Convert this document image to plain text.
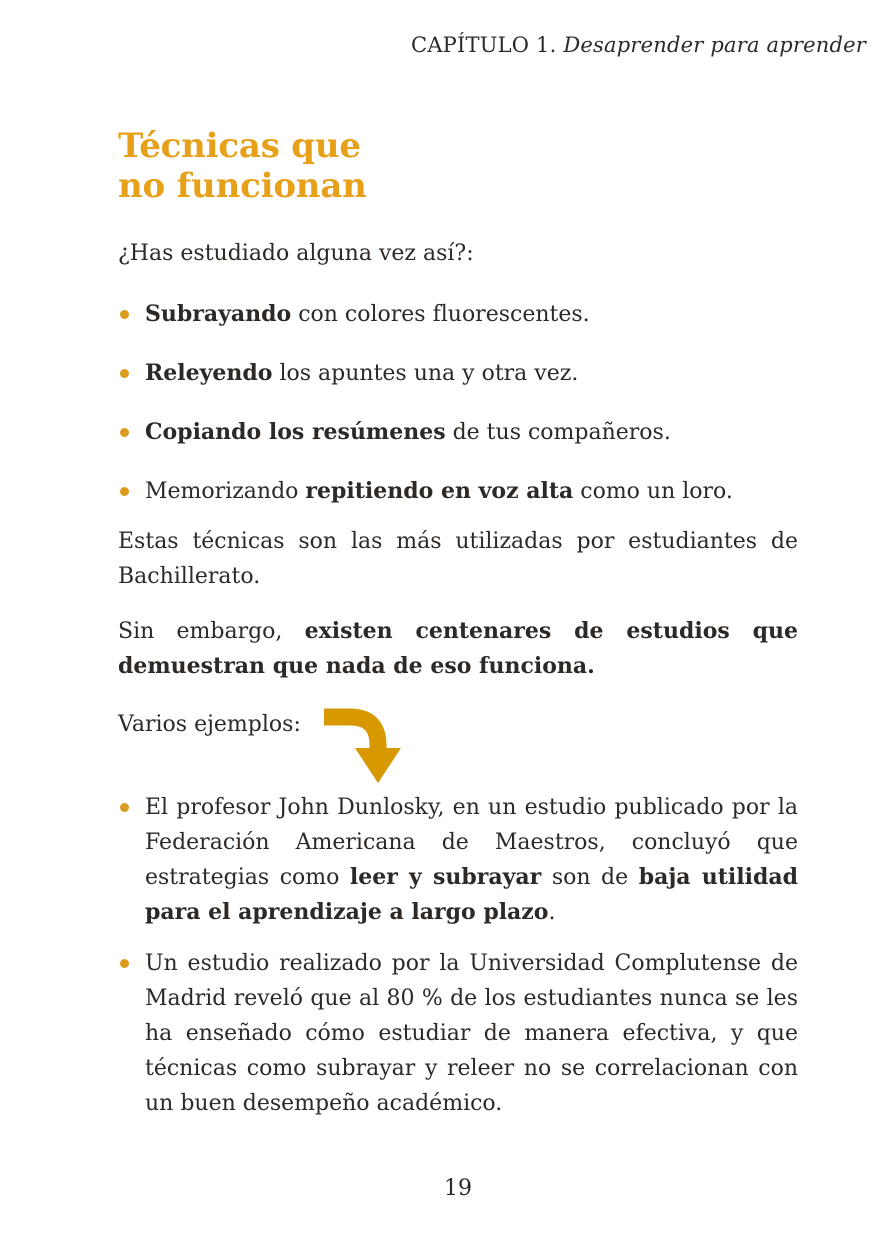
CAPÍTULO 1. Desaprender para aprender
Técnicas que
no funcionan

¿Has estudiado alguna vez así?:

Subrayando con colores fluorescentes.
Releyendo los apuntes una y otra vez.
Copiando los resúmenes de tus compañeros.
Memorizando repitiendo en voz alta como un loro.

Estas técnicas son las más utilizadas por estudiantes de Bachillerato.

Sin embargo, existen centenares de estudios que demuestran que nada de eso funciona.

Varios ejemplos:
El profesor John Dunlosky, en un estudio publicado por la Federación Americana de Maestros, concluyó que estrategias como leer y subrayar son de baja utilidad para el aprendizaje a largo plazo.
Un estudio realizado por la Universidad Complutense de Madrid reveló que al 80 % de los estudiantes nunca se les ha enseñado cómo estudiar de manera efectiva, y que técnicas como subrayar y releer no se correlacionan con un buen desempeño académico.
19
